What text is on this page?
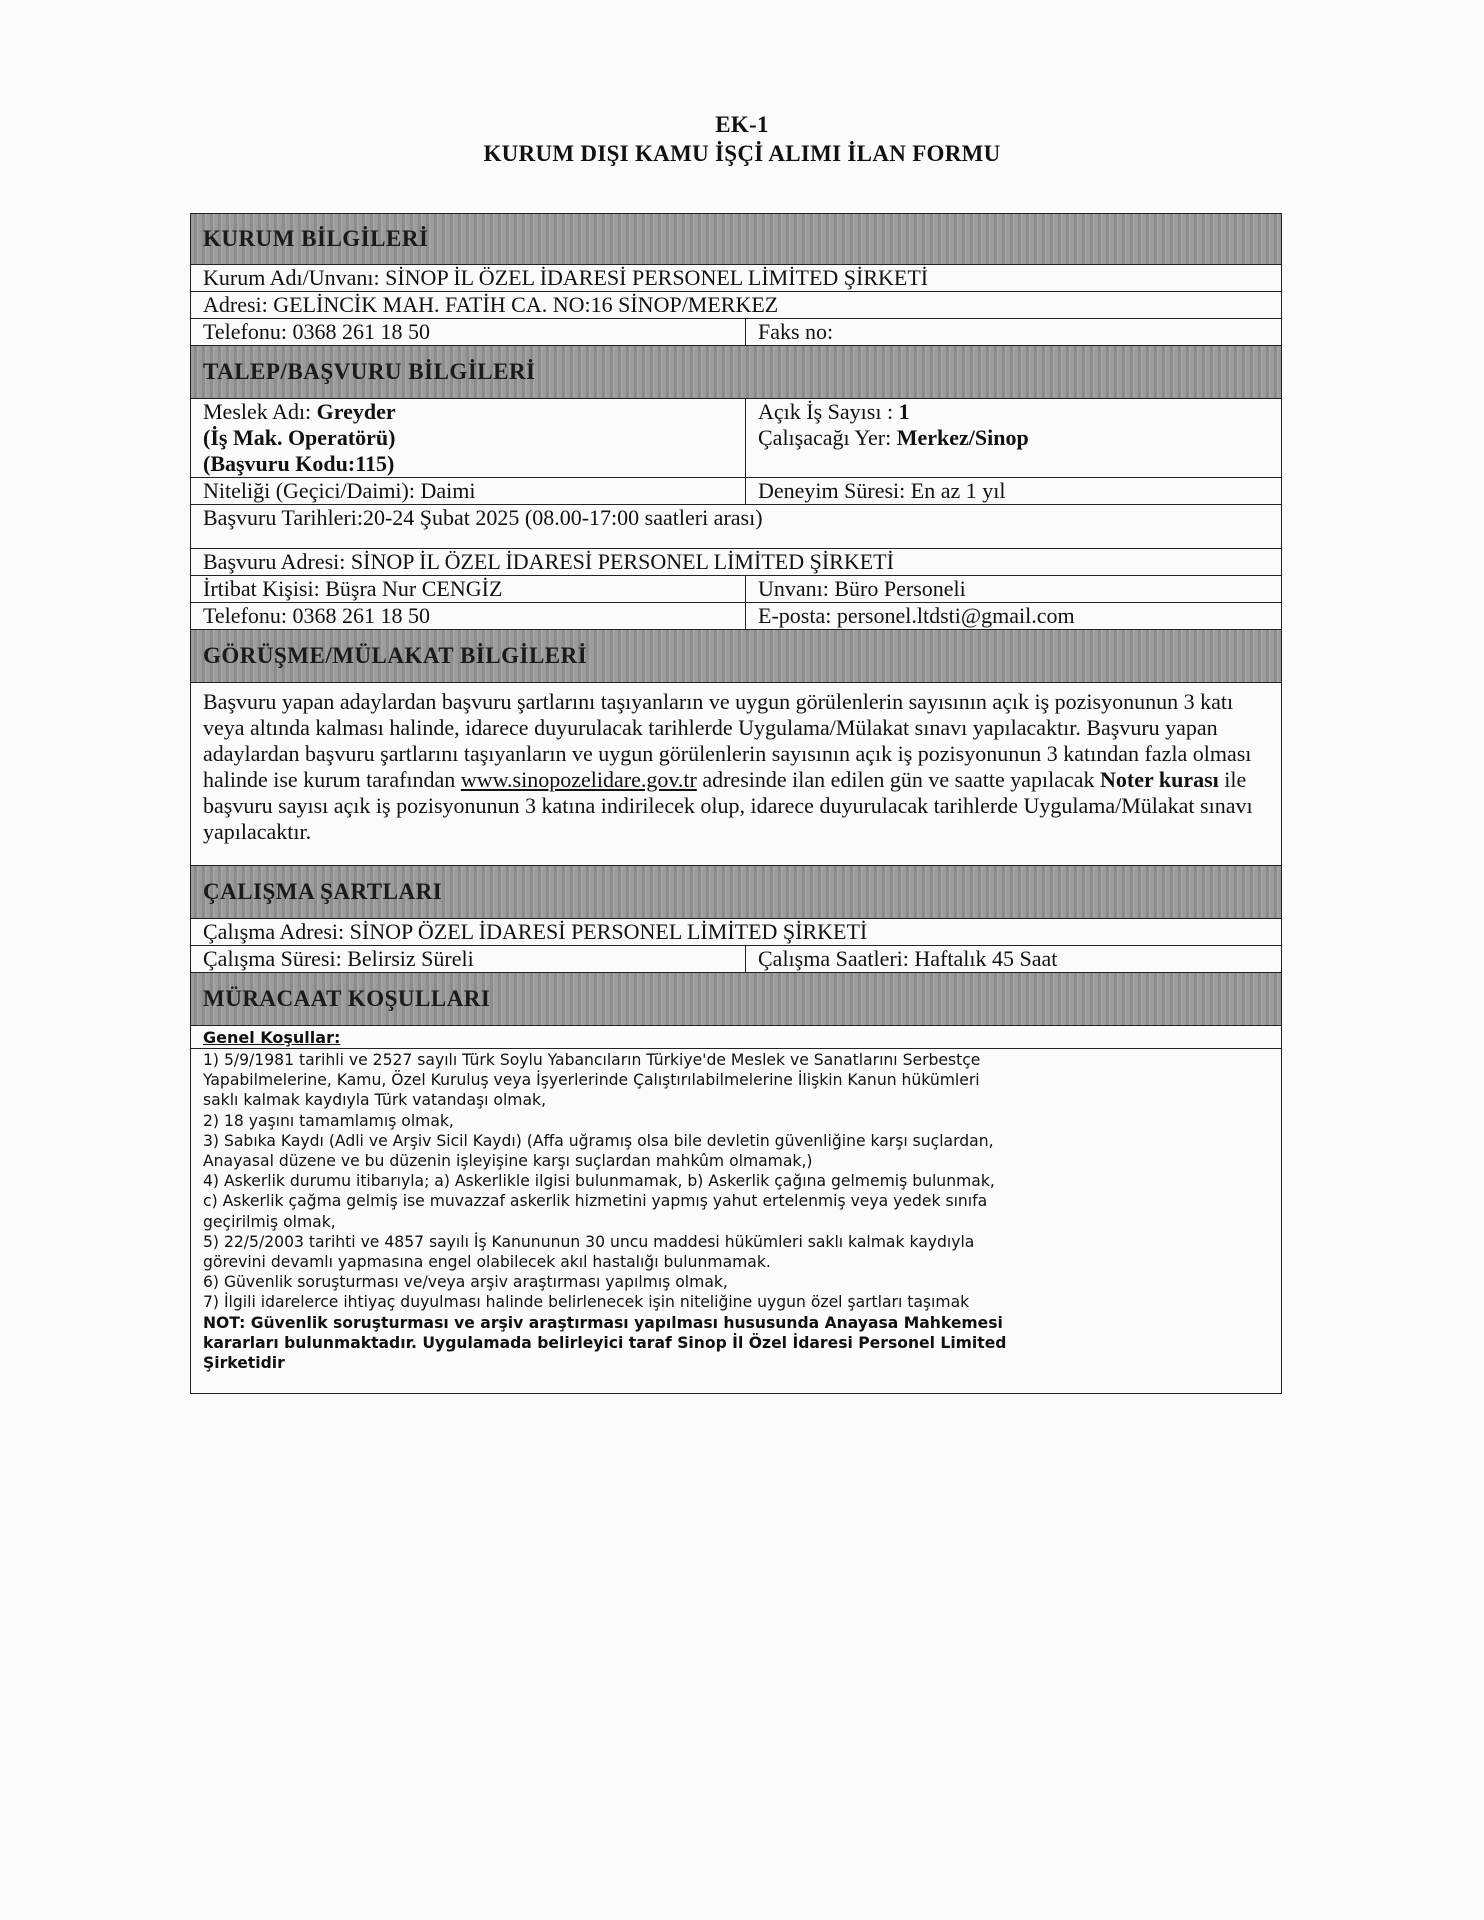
EK-1
KURUM DIŞI KAMU İŞÇİ ALIMI İLAN FORMU
KURUM BİLGİLERİ
Kurum Adı/Unvanı: SİNOP İL ÖZEL İDARESİ PERSONEL LİMİTED ŞİRKETİ
Adresi: GELİNCİK MAH. FATİH CA. NO:16 SİNOP/MERKEZ
Telefonu: 0368 261 18 50	Faks no:
TALEP/BAŞVURU BİLGİLERİ
Meslek Adı: Greyder
(İş Mak. Operatörü)
(Başvuru Kodu:115)
Açık İş Sayısı : 1
Çalışacağı Yer: Merkez/Sinop
Niteliği (Geçici/Daimi): Daimi	Deneyim Süresi: En az 1 yıl
Başvuru Tarihleri:20-24 Şubat 2025 (08.00-17:00 saatleri arası)
Başvuru Adresi: SİNOP İL ÖZEL İDARESİ PERSONEL LİMİTED ŞİRKETİ
İrtibat Kişisi: Büşra Nur CENGİZ	Unvanı: Büro Personeli
Telefonu: 0368 261 18 50	E-posta: personel.ltdsti@gmail.com
GÖRÜŞME/MÜLAKAT BİLGİLERİ
Başvuru yapan adaylardan başvuru şartlarını taşıyanların ve uygun görülenlerin sayısının açık iş pozisyonunun 3 katı veya altında kalması halinde, idarece duyurulacak tarihlerde Uygulama/Mülakat sınavı yapılacaktır. Başvuru yapan adaylardan başvuru şartlarını taşıyanların ve uygun görülenlerin sayısının açık iş pozisyonunun 3 katından fazla olması halinde ise kurum tarafından www.sinopozelidare.gov.tr adresinde ilan edilen gün ve saatte yapılacak Noter kurası ile başvuru sayısı açık iş pozisyonunun 3 katına indirilecek olup, idarece duyurulacak tarihlerde Uygulama/Mülakat sınavı yapılacaktır.
ÇALIŞMA ŞARTLARI
Çalışma Adresi: SİNOP ÖZEL İDARESİ PERSONEL LİMİTED ŞİRKETİ
Çalışma Süresi: Belirsiz Süreli	Çalışma Saatleri: Haftalık 45 Saat
MÜRACAAT KOŞULLARI
Genel Koşullar:
1) 5/9/1981 tarihli ve 2527 sayılı Türk Soylu Yabancıların Türkiye'de Meslek ve Sanatlarını Serbestçe
Yapabilmelerine, Kamu, Özel Kuruluş veya İşyerlerinde Çalıştırılabilmelerine İlişkin Kanun hükümleri
saklı kalmak kaydıyla Türk vatandaşı olmak,
2) 18 yaşını tamamlamış olmak,
3) Sabıka Kaydı (Adli ve Arşiv Sicil Kaydı) (Affa uğramış olsa bile devletin güvenliğine karşı suçlardan,
Anayasal düzene ve bu düzenin işleyişine karşı suçlardan mahkûm olmamak,)
4) Askerlik durumu itibarıyla; a) Askerlikle ilgisi bulunmamak, b) Askerlik çağına gelmemiş bulunmak,
c) Askerlik çağma gelmiş ise muvazzaf askerlik hizmetini yapmış yahut ertelenmiş veya yedek sınıfa
geçirilmiş olmak,
5) 22/5/2003 tarihti ve 4857 sayılı İş Kanununun 30 uncu maddesi hükümleri saklı kalmak kaydıyla
görevini devamlı yapmasına engel olabilecek akıl hastalığı bulunmamak.
6) Güvenlik soruşturması ve/veya arşiv araştırması yapılmış olmak,
7) İlgili idarelerce ihtiyaç duyulması halinde belirlenecek işin niteliğine uygun özel şartları taşımak
NOT: Güvenlik soruşturması ve arşiv araştırması yapılması hususunda Anayasa Mahkemesi
kararları bulunmaktadır. Uygulamada belirleyici taraf Sinop İl Özel İdaresi Personel Limited
Şirketidir
